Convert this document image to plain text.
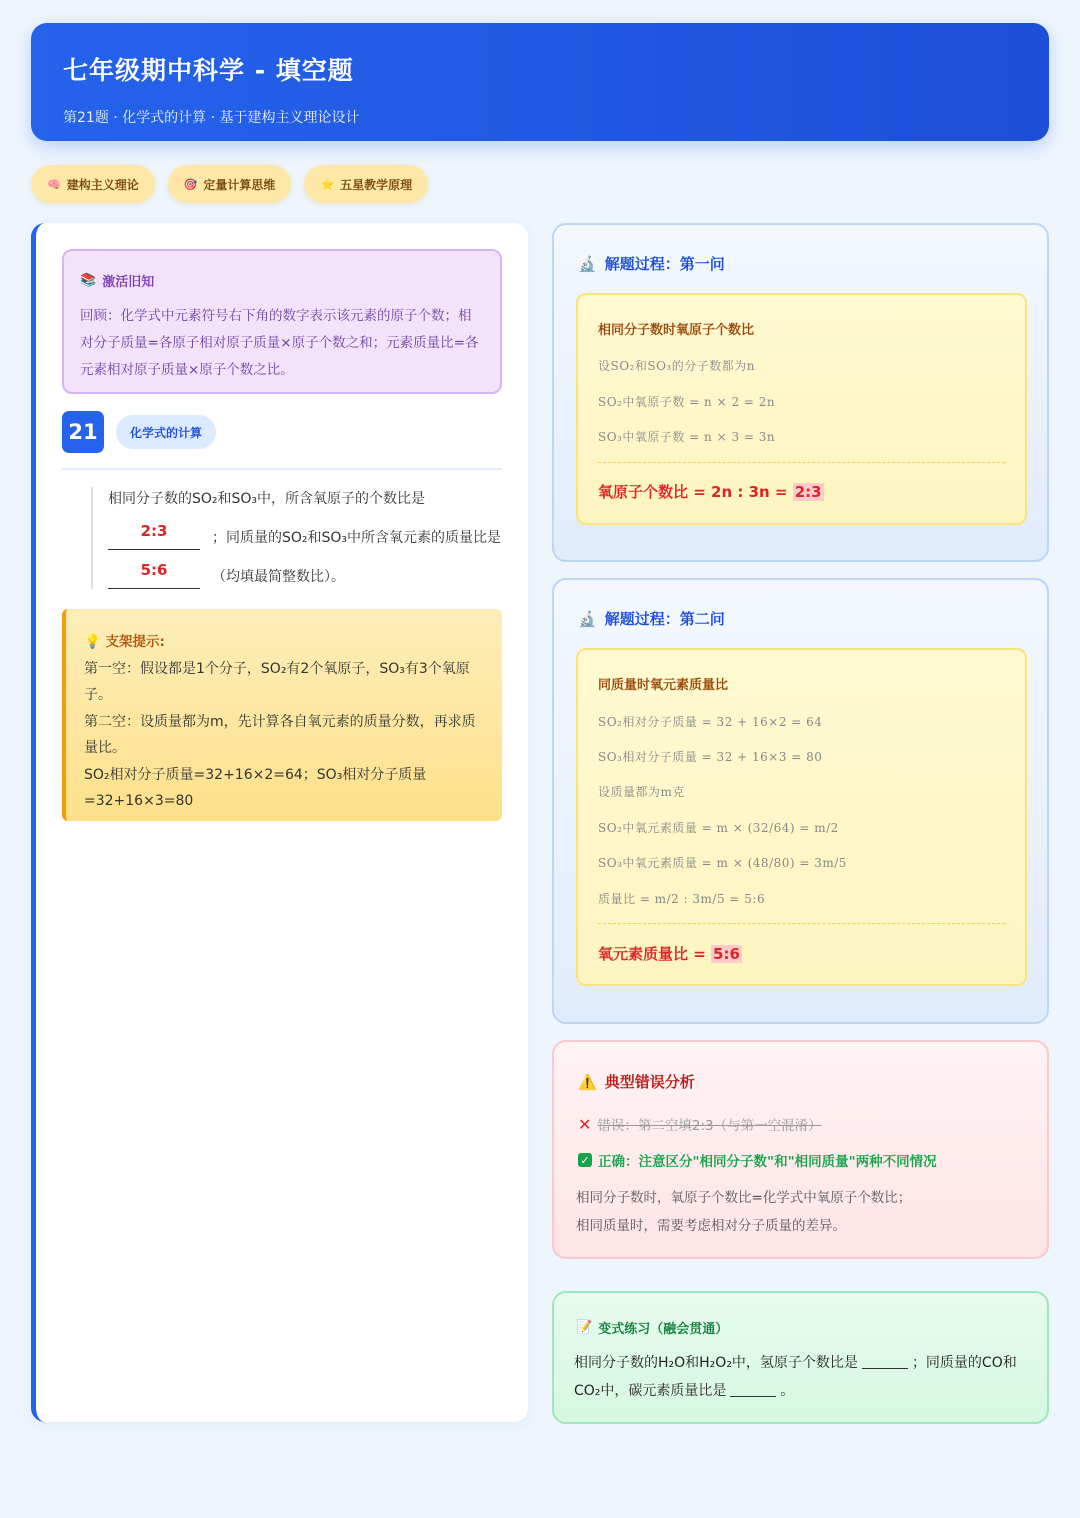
七年级期中科学 - 填空题
第21题 · 化学式的计算 · 基于建构主义理论设计
🧠 建构主义理论	🎯 定量计算思维	⭐ 五星教学原理
📚 激活旧知
回顾：化学式中元素符号右下角的数字表示该元素的原子个数；相对分子质量=各原子相对原子质量×原子个数之和；元素质量比=各元素相对原子质量×原子个数之比。
21	化学式的计算
相同分子数的SO₂和SO₃中，所含氧原子的个数比是
2:3	；同质量的SO₂和SO₃中所含氧元素的质量比是
5:6	（均填最简整数比）。
💡 支架提示:
第一空：假设都是1个分子，SO₂有2个氧原子，SO₃有3个氧原子。
第二空：设质量都为m，先计算各自氧元素的质量分数，再求质量比。
SO₂相对分子质量=32+16×2=64；SO₃相对分子质量=32+16×3=80
🔬 解题过程：第一问
相同分子数时氧原子个数比
设SO₂和SO₃的分子数都为n
SO₂中氧原子数 = n × 2 = 2n
SO₃中氧原子数 = n × 3 = 3n
氧原子个数比 = 2n : 3n = 2:3
🔬 解题过程：第二问
同质量时氧元素质量比
SO₂相对分子质量 = 32 + 16×2 = 64
SO₃相对分子质量 = 32 + 16×3 = 80
设质量都为m克
SO₂中氧元素质量 = m × (32/64) = m/2
SO₃中氧元素质量 = m × (48/80) = 3m/5
质量比 = m/2 : 3m/5 = 5:6
氧元素质量比 = 5:6
⚠️ 典型错误分析
✕ 错误：第二空填2:3（与第一空混淆）
✓ 正确：注意区分"相同分子数"和"相同质量"两种不同情况
相同分子数时，氧原子个数比=化学式中氧原子个数比；
相同质量时，需要考虑相对分子质量的差异。
📝 变式练习（融会贯通）
相同分子数的H₂O和H₂O₂中，氢原子个数比是	；同质量的CO和CO₂中，碳元素质量比是	。
